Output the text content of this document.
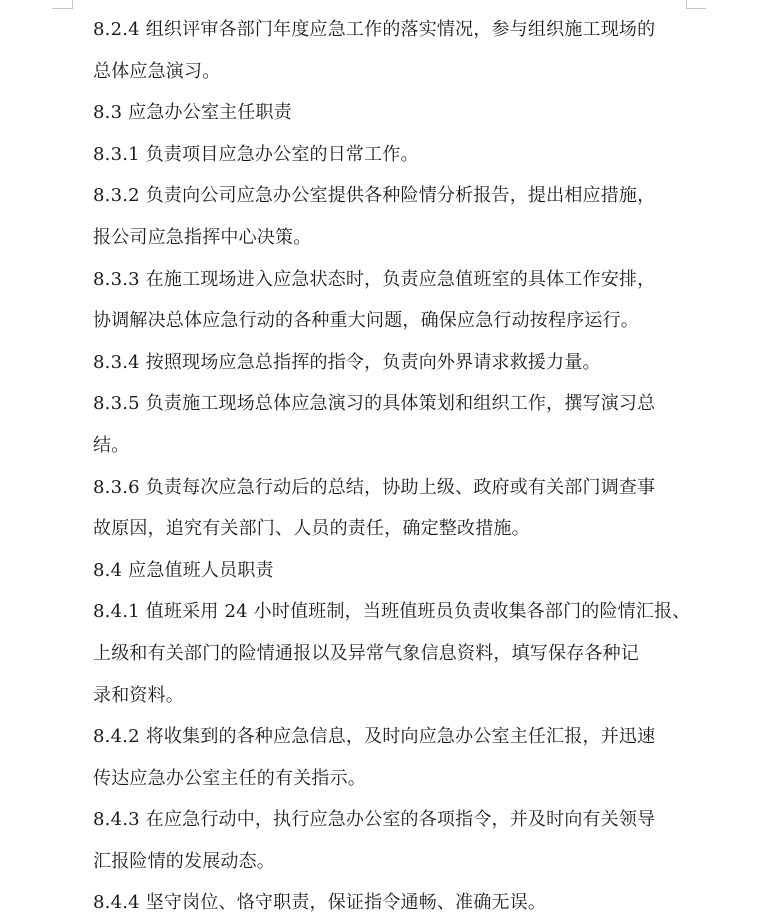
8.2.4 组织评审各部门年度应急工作的落实情况，参与组织施工现场的
总体应急演习。
8.3 应急办公室主任职责
8.3.1 负责项目应急办公室的日常工作。
8.3.2 负责向公司应急办公室提供各种险情分析报告，提出相应措施，
报公司应急指挥中心决策。
8.3.3 在施工现场进入应急状态时，负责应急值班室的具体工作安排，
协调解决总体应急行动的各种重大问题，确保应急行动按程序运行。
8.3.4 按照现场应急总指挥的指令，负责向外界请求救援力量。
8.3.5 负责施工现场总体应急演习的具体策划和组织工作，撰写演习总
结。
8.3.6 负责每次应急行动后的总结，协助上级、政府或有关部门调查事
故原因，追究有关部门、人员的责任，确定整改措施。
8.4 应急值班人员职责
8.4.1 值班采用 24 小时值班制，当班值班员负责收集各部门的险情汇报、
上级和有关部门的险情通报以及异常气象信息资料，填写保存各种记
录和资料。
8.4.2 将收集到的各种应急信息，及时向应急办公室主任汇报，并迅速
传达应急办公室主任的有关指示。
8.4.3 在应急行动中，执行应急办公室的各项指令，并及时向有关领导
汇报险情的发展动态。
8.4.4 坚守岗位、恪守职责，保证指令通畅、准确无误。
